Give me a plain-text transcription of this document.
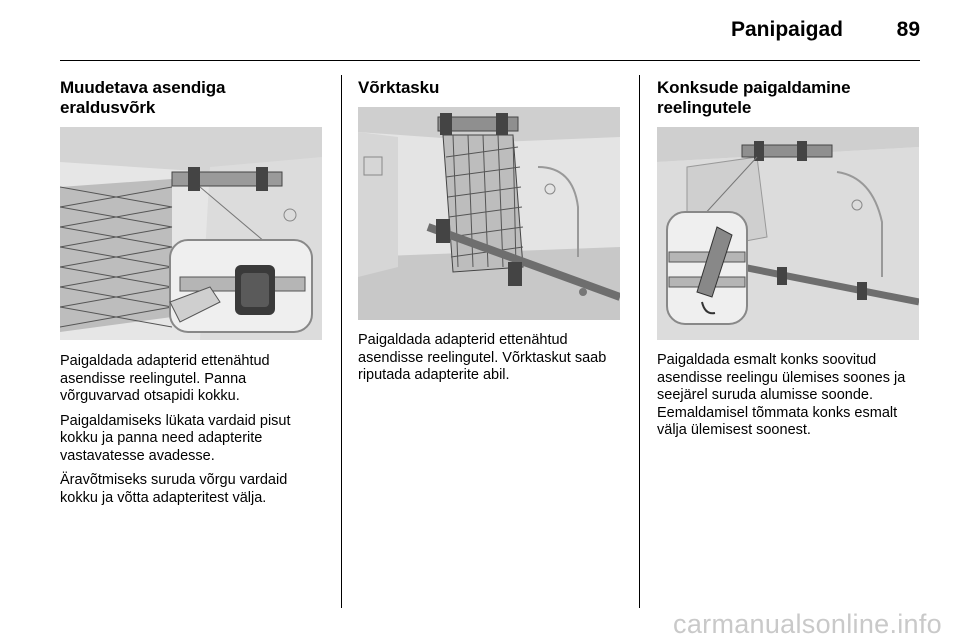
Panipaigad	89
Muudetava asendiga
eraldusvõrk

Paigaldada adapterid ettenähtud asendisse reelingutel. Panna võrguvarvad otsapidi kokku.

Paigaldamiseks lükata vardaid pisut kokku ja panna need adapterite vastavatesse avadesse.

Äravõtmiseks suruda võrgu vardaid kokku ja võtta adapteritest välja.

Võrktasku

Paigaldada adapterid ettenähtud asendisse reelingutel. Võrktaskut saab riputada adapterite abil.

Konksude paigaldamine
reelingutele

Paigaldada esmalt konks soovitud asendisse reelingu ülemises soones ja seejärel suruda alumisse soonde. Eemaldamisel tõmmata konks esmalt välja ülemisest soonest.

carmanualsonline.info
